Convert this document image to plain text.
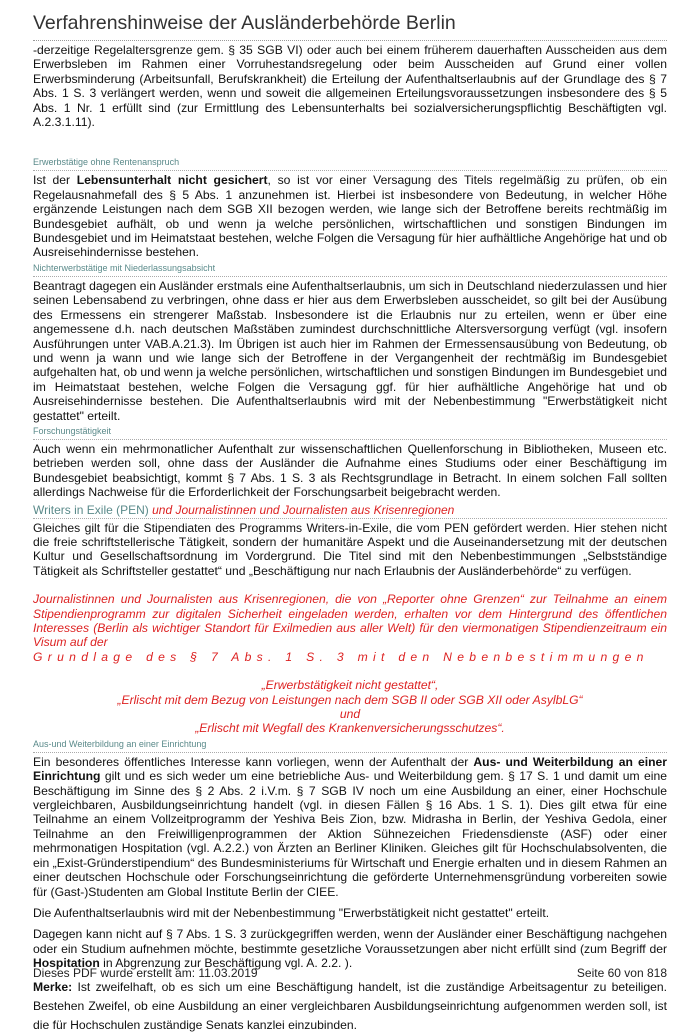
Verfahrenshinweise der Ausländerbehörde Berlin

-derzeitige Regelaltersgrenze gem. § 35 SGB VI) oder auch bei einem früherem dauerhaften Ausscheiden aus dem Erwerbsleben im Rahmen einer Vorruhestandsregelung oder beim Ausscheiden auf Grund einer vollen Erwerbsminderung (Arbeitsunfall, Berufskrankheit) die Erteilung der Aufenthaltserlaubnis auf der Grundlage des § 7 Abs. 1 S. 3 verlängert werden, wenn und soweit die allgemeinen Erteilungsvoraussetzungen insbesondere des § 5 Abs. 1 Nr. 1 erfüllt sind (zur Ermittlung des Lebensunterhalts bei sozialversicherungspflichtig Beschäftigten vgl. A.2.3.1.11).

Erwerbstätige ohne Rentenanspruch

Ist der Lebensunterhalt nicht gesichert, so ist vor einer Versagung des Titels regelmäßig zu prüfen, ob ein Regelausnahmefall des § 5 Abs. 1 anzunehmen ist. Hierbei ist insbesondere von Bedeutung, in welcher Höhe ergänzende Leistungen nach dem SGB XII bezogen werden, wie lange sich der Betroffene bereits rechtmäßig im Bundesgebiet aufhält, ob und wenn ja welche persönlichen, wirtschaftlichen und sonstigen Bindungen im Bundesgebiet und im Heimatstaat bestehen, welche Folgen die Versagung für hier aufhältliche Angehörige hat und ob Ausreisehindernisse bestehen.

Nichterwerbstätige mit Niederlassungsabsicht

Beantragt dagegen ein Ausländer erstmals eine Aufenthaltserlaubnis, um sich in Deutschland niederzulassen und hier seinen Lebensabend zu verbringen, ohne dass er hier aus dem Erwerbsleben ausscheidet, so gilt bei der Ausübung des Ermessens ein strengerer Maßstab. Insbesondere ist die Erlaubnis nur zu erteilen, wenn er über eine angemessene d.h. nach deutschen Maßstäben zumindest durchschnittliche Altersversorgung verfügt (vgl. insofern Ausführungen unter VAB.A.21.3). Im Übrigen ist auch hier im Rahmen der Ermessensausübung von Bedeutung, ob und wenn ja wann und wie lange sich der Betroffene in der Vergangenheit der rechtmäßig im Bundesgebiet aufgehalten hat, ob und wenn ja welche persönlichen, wirtschaftlichen und sonstigen Bindungen im Bundesgebiet und im Heimatstaat bestehen, welche Folgen die Versagung ggf. für hier aufhältliche Angehörige hat und ob Ausreisehindernisse bestehen. Die Aufenthaltserlaubnis wird mit der Nebenbestimmung "Erwerbstätigkeit nicht gestattet" erteilt.

Forschungstätigkeit

Auch wenn ein mehrmonatlicher Aufenthalt zur wissenschaftlichen Quellenforschung in Bibliotheken, Museen etc. betrieben werden soll, ohne dass der Ausländer die Aufnahme eines Studiums oder einer Beschäftigung im Bundesgebiet beabsichtigt, kommt § 7 Abs. 1 S. 3 als Rechtsgrundlage in Betracht. In einem solchen Fall sollten allerdings Nachweise für die Erforderlichkeit der Forschungsarbeit beigebracht werden.

Writers in Exile (PEN) und Journalistinnen und Journalisten aus Krisenregionen

Gleiches gilt für die Stipendiaten des Programms Writers-in-Exile, die vom PEN gefördert werden. Hier stehen nicht die freie schriftstellerische Tätigkeit, sondern der humanitäre Aspekt und die Auseinandersetzung mit der deutschen Kultur und Gesellschaftsordnung im Vordergrund. Die Titel sind mit den Nebenbestimmungen „Selbstständige Tätigkeit als Schriftsteller gestattet“ und „Beschäftigung nur nach Erlaubnis der Ausländerbehörde“ zu verfügen.

Journalistinnen und Journalisten aus Krisenregionen, die von „Reporter ohne Grenzen“ zur Teilnahme an einem Stipendienprogramm zur digitalen Sicherheit eingeladen werden, erhalten vor dem Hintergrund des öffentlichen Interesses (Berlin als wichtiger Standort für Exilmedien aus aller Welt) für den viermonatigen Stipendienzeitraum ein Visum auf der

Grundlage des § 7 Abs. 1 S. 3 mit den Nebenbestimmungen

„Erwerbstätigkeit nicht gestattet“,

„Erlischt mit dem Bezug von Leistungen nach dem SGB II oder SGB XII oder AsylbLG“

und

„Erlischt mit Wegfall des Krankenversicherungsschutzes“.

Aus-und Weiterbildung an einer Einrichtung

Ein besonderes öffentliches Interesse kann vorliegen, wenn der Aufenthalt der Aus- und Weiterbildung an einer Einrichtung gilt und es sich weder um eine betriebliche Aus- und Weiterbildung gem. § 17 S. 1 und damit um eine Beschäftigung im Sinne des § 2 Abs. 2 i.V.m. § 7 SGB IV noch um eine Ausbildung an einer, einer Hochschule vergleichbaren, Ausbildungseinrichtung handelt (vgl. in diesen Fällen § 16 Abs. 1 S. 1). Dies gilt etwa für eine Teilnahme an einem Vollzeitprogramm der Yeshiva Beis Zion, bzw. Midrasha in Berlin, der Yeshiva Gedola, einer Teilnahme an den Freiwilligenprogrammen der Aktion Sühnezeichen Friedensdienste (ASF) oder einer mehrmonatigen Hospitation (vgl. A.2.2.) von Ärzten an Berliner Kliniken. Gleiches gilt für Hochschulabsolventen, die ein „Exist-Gründerstipendium“ des Bundesministeriums für Wirtschaft und Energie erhalten und in diesem Rahmen an einer deutschen Hochschule oder Forschungseinrichtung die geförderte Unternehmensgründung vorbereiten sowie für (Gast-)Studenten am Global Institute Berlin der CIEE.

Die Aufenthaltserlaubnis wird mit der Nebenbestimmung "Erwerbstätigkeit nicht gestattet" erteilt.

Dagegen kann nicht auf § 7 Abs. 1 S. 3 zurückgegriffen werden, wenn der Ausländer einer Beschäftigung nachgehen oder ein Studium aufnehmen möchte, bestimmte gesetzliche Voraussetzungen aber nicht erfüllt sind (zum Begriff der Hospitation in Abgrenzung zur Beschäftigung vgl. A. 2.2. ).

Merke: Ist zweifelhaft, ob es sich um eine Beschäftigung handelt, ist die zuständige Arbeitsagentur zu beteiligen. Bestehen Zweifel, ob eine Ausbildung an einer vergleichbaren Ausbildungseinrichtung aufgenommen werden soll, ist die für Hochschulen zuständige Senats kanzlei einzubinden.

Dieses PDF wurde erstellt am: 11.03.2019	Seite 60 von 818
